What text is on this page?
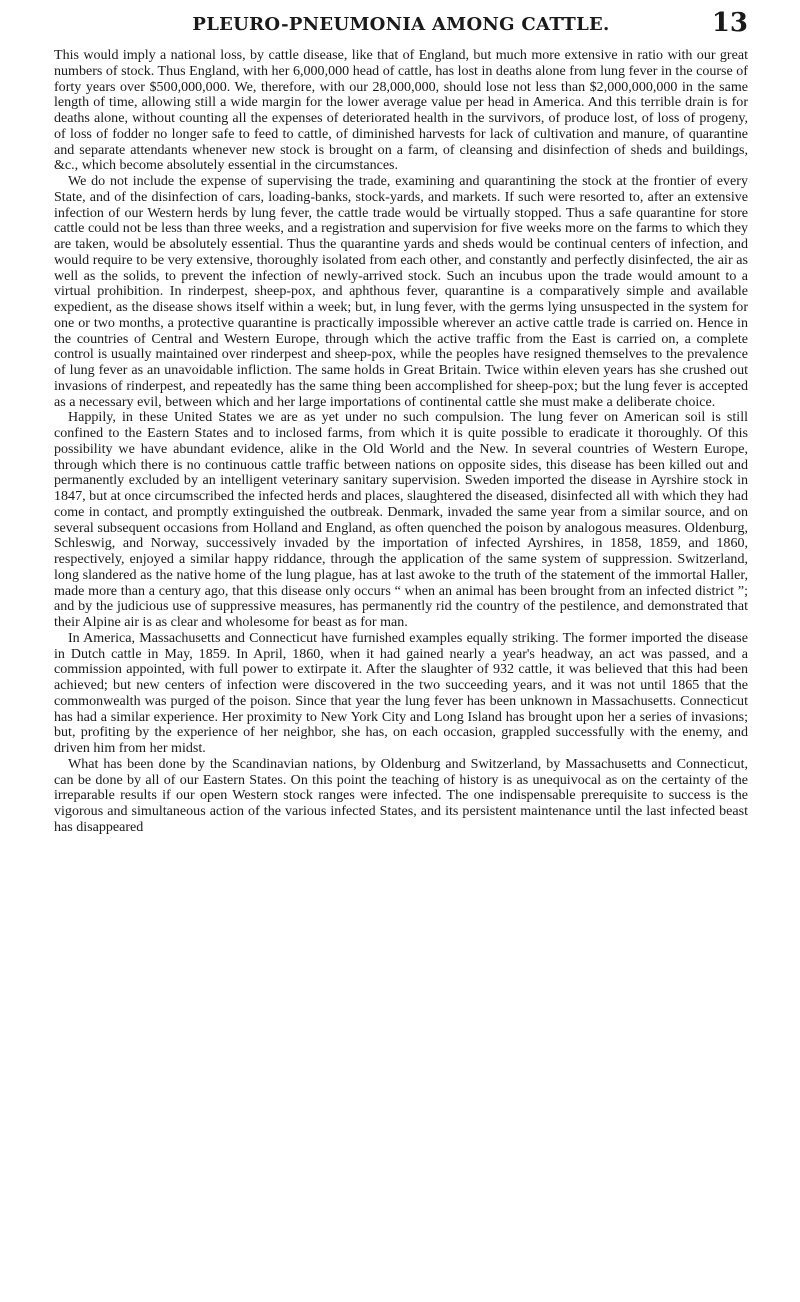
PLEURO-PNEUMONIA AMONG CATTLE.	13

This would imply a national loss, by cattle disease, like that of England, but much more extensive in ratio with our great numbers of stock. Thus England, with her 6,000,000 head of cattle, has lost in deaths alone from lung fever in the course of forty years over $500,000,000. We, therefore, with our 28,000,000, should lose not less than $2,000,000,000 in the same length of time, allowing still a wide margin for the lower average value per head in America. And this terrible drain is for deaths alone, without counting all the expenses of deteriorated health in the survivors, of produce lost, of loss of progeny, of loss of fodder no longer safe to feed to cattle, of diminished harvests for lack of cultivation and manure, of quarantine and separate attendants whenever new stock is brought on a farm, of cleansing and disinfection of sheds and buildings, &c., which become absolutely essential in the circumstances.

We do not include the expense of supervising the trade, examining and quarantining the stock at the frontier of every State, and of the disinfection of cars, loading-banks, stock-yards, and markets. If such were resorted to, after an extensive infection of our Western herds by lung fever, the cattle trade would be virtually stopped. Thus a safe quarantine for store cattle could not be less than three weeks, and a registration and supervision for five weeks more on the farms to which they are taken, would be absolutely essential. Thus the quarantine yards and sheds would be continual centers of infection, and would require to be very extensive, thoroughly isolated from each other, and constantly and perfectly disinfected, the air as well as the solids, to prevent the infection of newly-arrived stock. Such an incubus upon the trade would amount to a virtual prohibition. In rinderpest, sheep-pox, and aphthous fever, quarantine is a comparatively simple and available expedient, as the disease shows itself within a week; but, in lung fever, with the germs lying unsuspected in the system for one or two months, a protective quarantine is practically impossible wherever an active cattle trade is carried on. Hence in the countries of Central and Western Europe, through which the active traffic from the East is carried on, a complete control is usually maintained over rinderpest and sheep-pox, while the peoples have resigned themselves to the prevalence of lung fever as an unavoidable infliction. The same holds in Great Britain. Twice within eleven years has she crushed out invasions of rinderpest, and repeatedly has the same thing been accomplished for sheep-pox; but the lung fever is accepted as a necessary evil, between which and her large importations of continental cattle she must make a deliberate choice.

Happily, in these United States we are as yet under no such compulsion. The lung fever on American soil is still confined to the Eastern States and to inclosed farms, from which it is quite possible to eradicate it thoroughly. Of this possibility we have abundant evidence, alike in the Old World and the New. In several countries of Western Europe, through which there is no continuous cattle traffic between nations on opposite sides, this disease has been killed out and permanently excluded by an intelligent veterinary sanitary supervision. Sweden imported the disease in Ayrshire stock in 1847, but at once circumscribed the infected herds and places, slaughtered the diseased, disinfected all with which they had come in contact, and promptly extinguished the outbreak. Denmark, invaded the same year from a similar source, and on several subsequent occasions from Holland and England, as often quenched the poison by analogous measures. Oldenburg, Schleswig, and Norway, successively invaded by the importation of infected Ayrshires, in 1858, 1859, and 1860, respectively, enjoyed a similar happy riddance, through the application of the same system of suppression. Switzerland, long slandered as the native home of the lung plague, has at last awoke to the truth of the statement of the immortal Haller, made more than a century ago, that this disease only occurs “ when an animal has been brought from an infected district ”; and by the judicious use of suppressive measures, has permanently rid the country of the pestilence, and demonstrated that their Alpine air is as clear and wholesome for beast as for man.

In America, Massachusetts and Connecticut have furnished examples equally striking. The former imported the disease in Dutch cattle in May, 1859. In April, 1860, when it had gained nearly a year's headway, an act was passed, and a commission appointed, with full power to extirpate it. After the slaughter of 932 cattle, it was believed that this had been achieved; but new centers of infection were discovered in the two succeeding years, and it was not until 1865 that the commonwealth was purged of the poison. Since that year the lung fever has been unknown in Massachusetts. Connecticut has had a similar experience. Her proximity to New York City and Long Island has brought upon her a series of invasions; but, profiting by the experience of her neighbor, she has, on each occasion, grappled successfully with the enemy, and driven him from her midst.

What has been done by the Scandinavian nations, by Oldenburg and Switzerland, by Massachusetts and Connecticut, can be done by all of our Eastern States. On this point the teaching of history is as unequivocal as on the certainty of the irreparable results if our open Western stock ranges were infected. The one indispensable prerequisite to success is the vigorous and simultaneous action of the various infected States, and its persistent maintenance until the last infected beast has disappeared
